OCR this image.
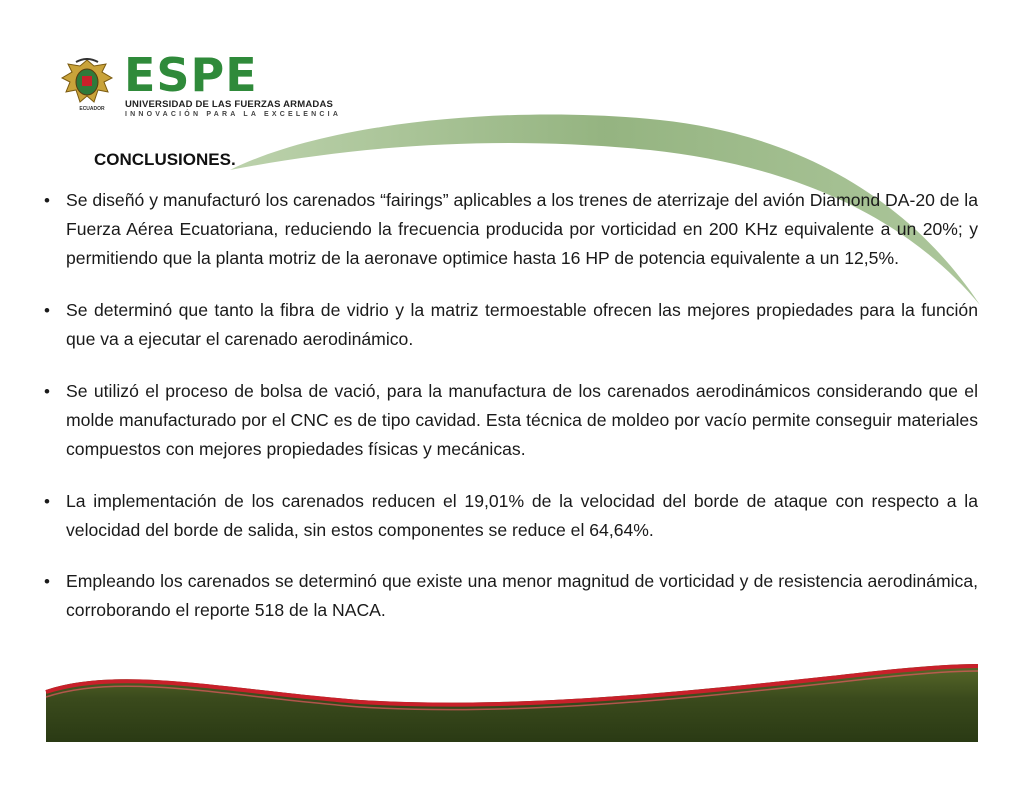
ESPE
UNIVERSIDAD DE LAS FUERZAS ARMADAS
INNOVACIÓN PARA LA EXCELENCIA
ECUADOR
CONCLUSIONES.
• Se diseñó y manufacturó los carenados “fairings” aplicables a los trenes de aterrizaje del avión Diamond DA-20 de la Fuerza Aérea Ecuatoriana, reduciendo la frecuencia producida por vorticidad en 200 KHz equivalente a un 20%; y permitiendo que la planta motriz de la aeronave optimice hasta 16 HP de potencia equivalente a un 12,5%.
• Se determinó que tanto la fibra de vidrio y la matriz termoestable ofrecen las mejores propiedades para la función que va a ejecutar el carenado aerodinámico.
• Se utilizó el proceso de bolsa de vació, para la manufactura de los carenados aerodinámicos considerando que el molde manufacturado por el CNC es de tipo cavidad. Esta técnica de moldeo por vacío permite conseguir materiales compuestos con mejores propiedades físicas y mecánicas.
• La implementación de los carenados reducen el 19,01% de la velocidad del borde de ataque con respecto a la velocidad del borde de salida, sin estos componentes se reduce el 64,64%.
• Empleando los carenados se determinó que existe una menor magnitud de vorticidad y de resistencia aerodinámica, corroborando el reporte 518 de la NACA.
